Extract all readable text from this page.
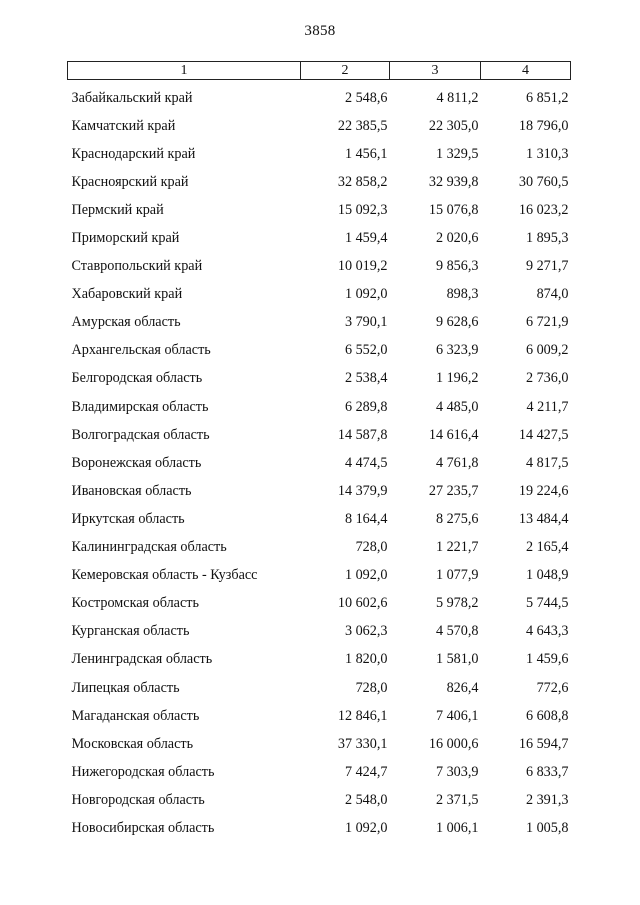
3858
1	2	3	4

Забайкальский край	2 548,6	4 811,2	6 851,2
Камчатский край	22 385,5	22 305,0	18 796,0
Краснодарский край	1 456,1	1 329,5	1 310,3
Красноярский край	32 858,2	32 939,8	30 760,5
Пермский край	15 092,3	15 076,8	16 023,2
Приморский край	1 459,4	2 020,6	1 895,3
Ставропольский край	10 019,2	9 856,3	9 271,7
Хабаровский край	1 092,0	898,3	874,0
Амурская область	3 790,1	9 628,6	6 721,9
Архангельская область	6 552,0	6 323,9	6 009,2
Белгородская область	2 538,4	1 196,2	2 736,0
Владимирская область	6 289,8	4 485,0	4 211,7
Волгоградская область	14 587,8	14 616,4	14 427,5
Воронежская область	4 474,5	4 761,8	4 817,5
Ивановская область	14 379,9	27 235,7	19 224,6
Иркутская область	8 164,4	8 275,6	13 484,4
Калининградская область	728,0	1 221,7	2 165,4
Кемеровская область - Кузбасс	1 092,0	1 077,9	1 048,9
Костромская область	10 602,6	5 978,2	5 744,5
Курганская область	3 062,3	4 570,8	4 643,3
Ленинградская область	1 820,0	1 581,0	1 459,6
Липецкая область	728,0	826,4	772,6
Магаданская область	12 846,1	7 406,1	6 608,8
Московская область	37 330,1	16 000,6	16 594,7
Нижегородская область	7 424,7	7 303,9	6 833,7
Новгородская область	2 548,0	2 371,5	2 391,3
Новосибирская область	1 092,0	1 006,1	1 005,8
